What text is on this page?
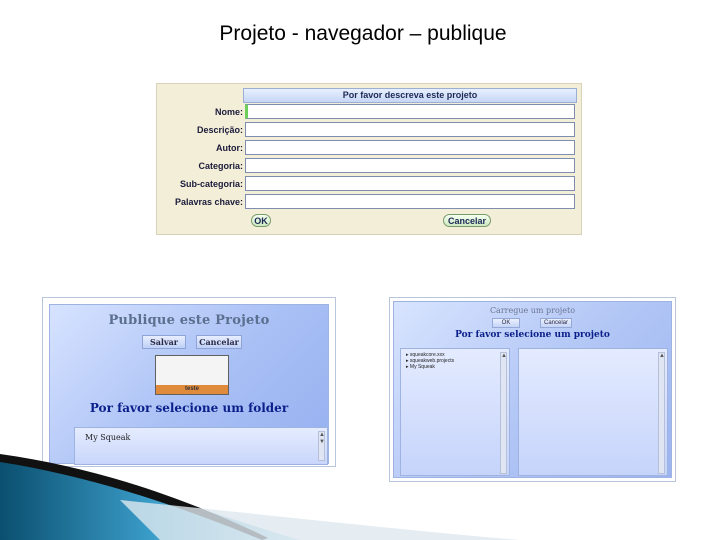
Projeto - navegador – publique
Por favor descreva este projeto
Nome:
Descrição:
Autor:
Categoria:
Sub-categoria:
Palavras chave:
OK	Cancelar
Publique este Projeto
Salvar	Cancelar
teste
Por favor selecione um folder
My Squeak	▲
▼
Carregue um projeto
OK	Cancelar
Por favor selecione um projeto
▸ squeakcore.xxx
▸ squeakweb.projects
▸ My Squeak
▲	▲
